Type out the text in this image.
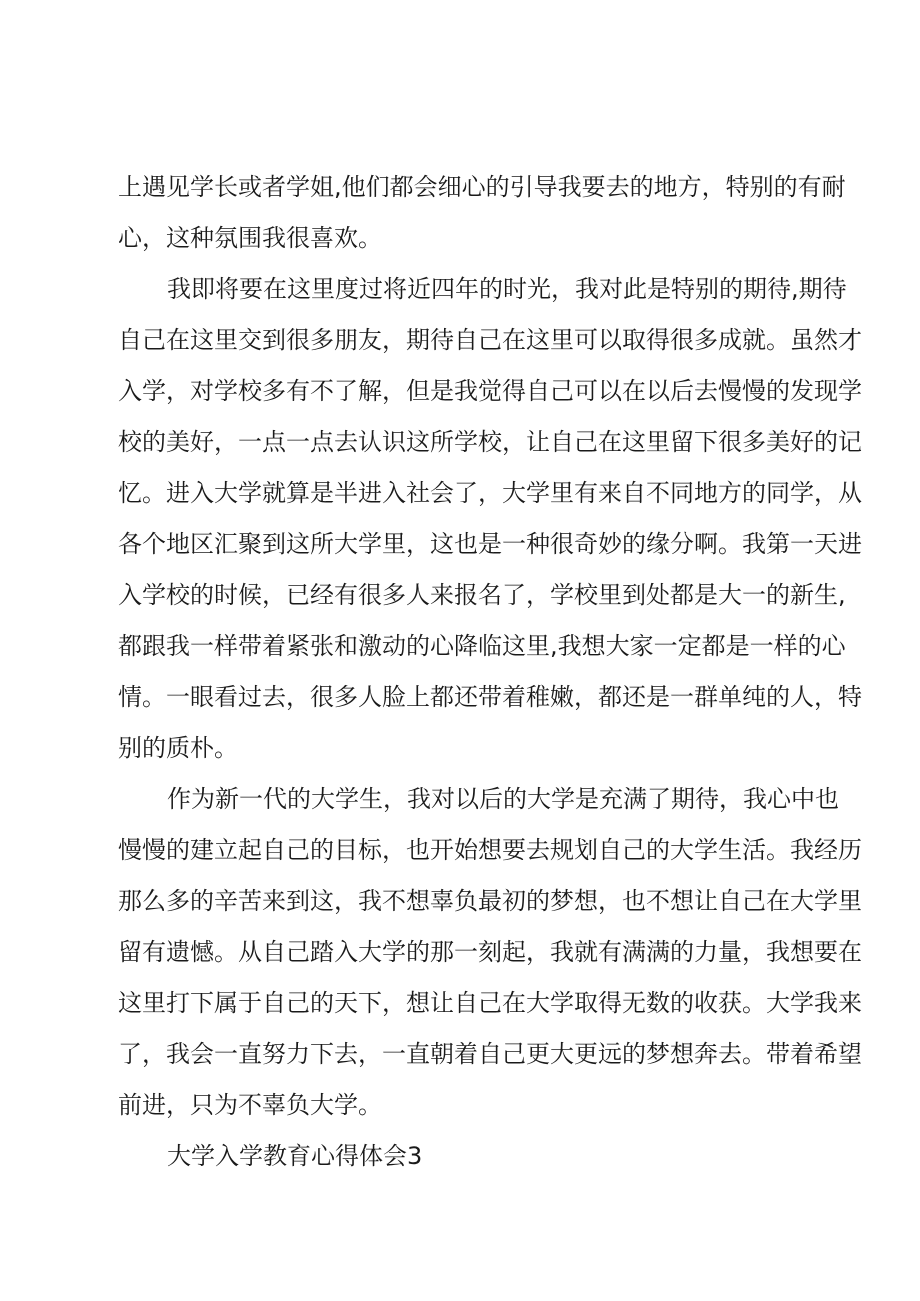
上遇见学长或者学姐,他们都会细心的引导我要去的地方，特别的有耐
心，这种氛围我很喜欢。
我即将要在这里度过将近四年的时光，我对此是特别的期待,期待
自己在这里交到很多朋友，期待自己在这里可以取得很多成就。虽然才
入学，对学校多有不了解，但是我觉得自己可以在以后去慢慢的发现学
校的美好，一点一点去认识这所学校，让自己在这里留下很多美好的记
忆。进入大学就算是半进入社会了，大学里有来自不同地方的同学，从
各个地区汇聚到这所大学里，这也是一种很奇妙的缘分啊。我第一天进
入学校的时候，已经有很多人来报名了，学校里到处都是大一的新生,
都跟我一样带着紧张和激动的心降临这里,我想大家一定都是一样的心
情。一眼看过去，很多人脸上都还带着稚嫩，都还是一群单纯的人，特
别的质朴。
作为新一代的大学生，我对以后的大学是充满了期待，我心中也
慢慢的建立起自己的目标，也开始想要去规划自己的大学生活。我经历
那么多的辛苦来到这，我不想辜负最初的梦想，也不想让自己在大学里
留有遗憾。从自己踏入大学的那一刻起，我就有满满的力量，我想要在
这里打下属于自己的天下，想让自己在大学取得无数的收获。大学我来
了，我会一直努力下去，一直朝着自己更大更远的梦想奔去。带着希望
前进，只为不辜负大学。
大学入学教育心得体会3
